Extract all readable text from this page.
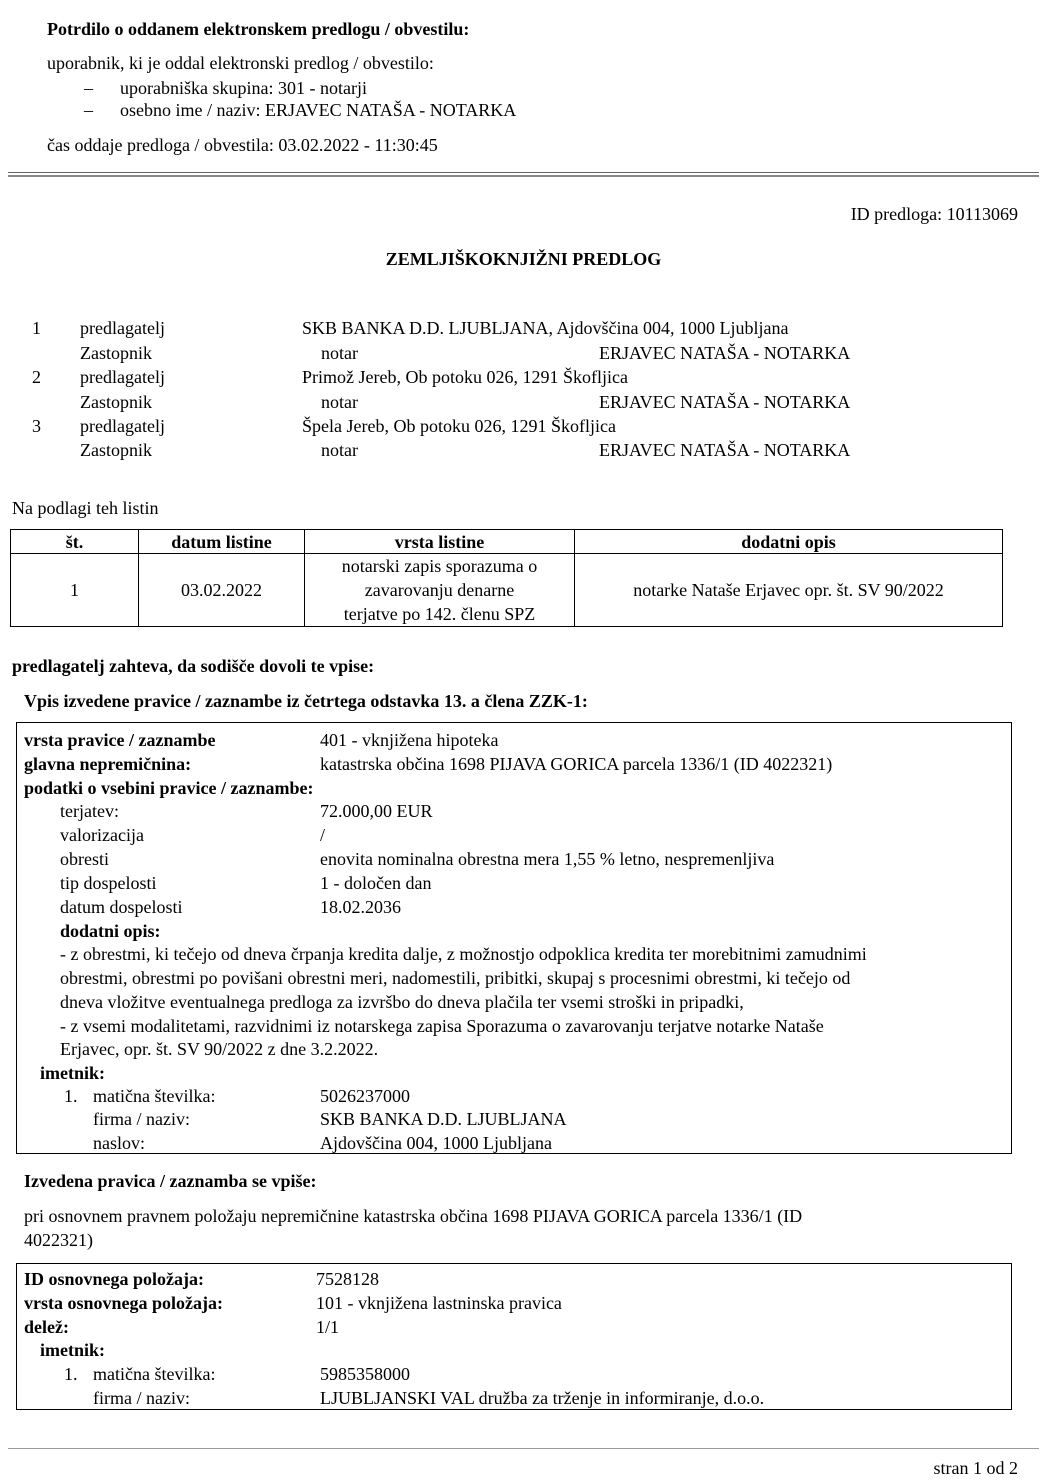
Potrdilo o oddanem elektronskem predlogu / obvestilu:
uporabnik, ki je oddal elektronski predlog / obvestilo:
– uporabniška skupina: 301 - notarji
– osebno ime / naziv: ERJAVEC NATAŠA - NOTARKA
čas oddaje predloga / obvestila: 03.02.2022 - 11:30:45
ID predloga: 10113069
ZEMLJIŠKOKNJIŽNI PREDLOG
1 predlagatelj	SKB BANKA D.D. LJUBLJANA, Ajdovščina 004, 1000 Ljubljana
Zastopnik	notar	ERJAVEC NATAŠA - NOTARKA
2 predlagatelj	Primož Jereb, Ob potoku 026, 1291 Škofljica
Zastopnik	notar	ERJAVEC NATAŠA - NOTARKA
3 predlagatelj	Špela Jereb, Ob potoku 026, 1291 Škofljica
Zastopnik	notar	ERJAVEC NATAŠA - NOTARKA
Na podlagi teh listin
št.	datum listine	vrsta listine	dodatni opis
1	03.02.2022	notarski zapis sporazuma o
zavarovanju denarne
terjatve po 142. členu SPZ	notarke Nataše Erjavec opr. št. SV 90/2022
predlagatelj zahteva, da sodišče dovoli te vpise:
Vpis izvedene pravice / zaznambe iz četrtega odstavka 13. a člena ZZK-1:
vrsta pravice / zaznambe	401 - vknjižena hipoteka
glavna nepremičnina:	katastrska občina 1698 PIJAVA GORICA parcela 1336/1 (ID 4022321)
podatki o vsebini pravice / zaznambe:
terjatev:	72.000,00 EUR
valorizacija	/
obresti	enovita nominalna obrestna mera 1,55 % letno, nespremenljiva
tip dospelosti	1 - določen dan
datum dospelosti	18.02.2036
dodatni opis:
- z obrestmi, ki tečejo od dneva črpanja kredita dalje, z možnostjo odpoklica kredita ter morebitnimi zamudnimi
obrestmi, obrestmi po povišani obrestni meri, nadomestili, pribitki, skupaj s procesnimi obrestmi, ki tečejo od
dneva vložitve eventualnega predloga za izvršbo do dneva plačila ter vsemi stroški in pripadki,
- z vsemi modalitetami, razvidnimi iz notarskega zapisa Sporazuma o zavarovanju terjatve notarke Nataše
Erjavec, opr. št. SV 90/2022 z dne 3.2.2022.
imetnik:
1. matična številka:	5026237000
firma / naziv:	SKB BANKA D.D. LJUBLJANA
naslov:	Ajdovščina 004, 1000 Ljubljana
Izvedena pravica / zaznamba se vpiše:
pri osnovnem pravnem položaju nepremičnine katastrska občina 1698 PIJAVA GORICA parcela 1336/1 (ID
4022321)
ID osnovnega položaja:	7528128
vrsta osnovnega položaja:	101 - vknjižena lastninska pravica
delež:	1/1
imetnik:
1. matična številka:	5985358000
firma / naziv:	LJUBLJANSKI VAL družba za trženje in informiranje, d.o.o.
stran 1 od 2
